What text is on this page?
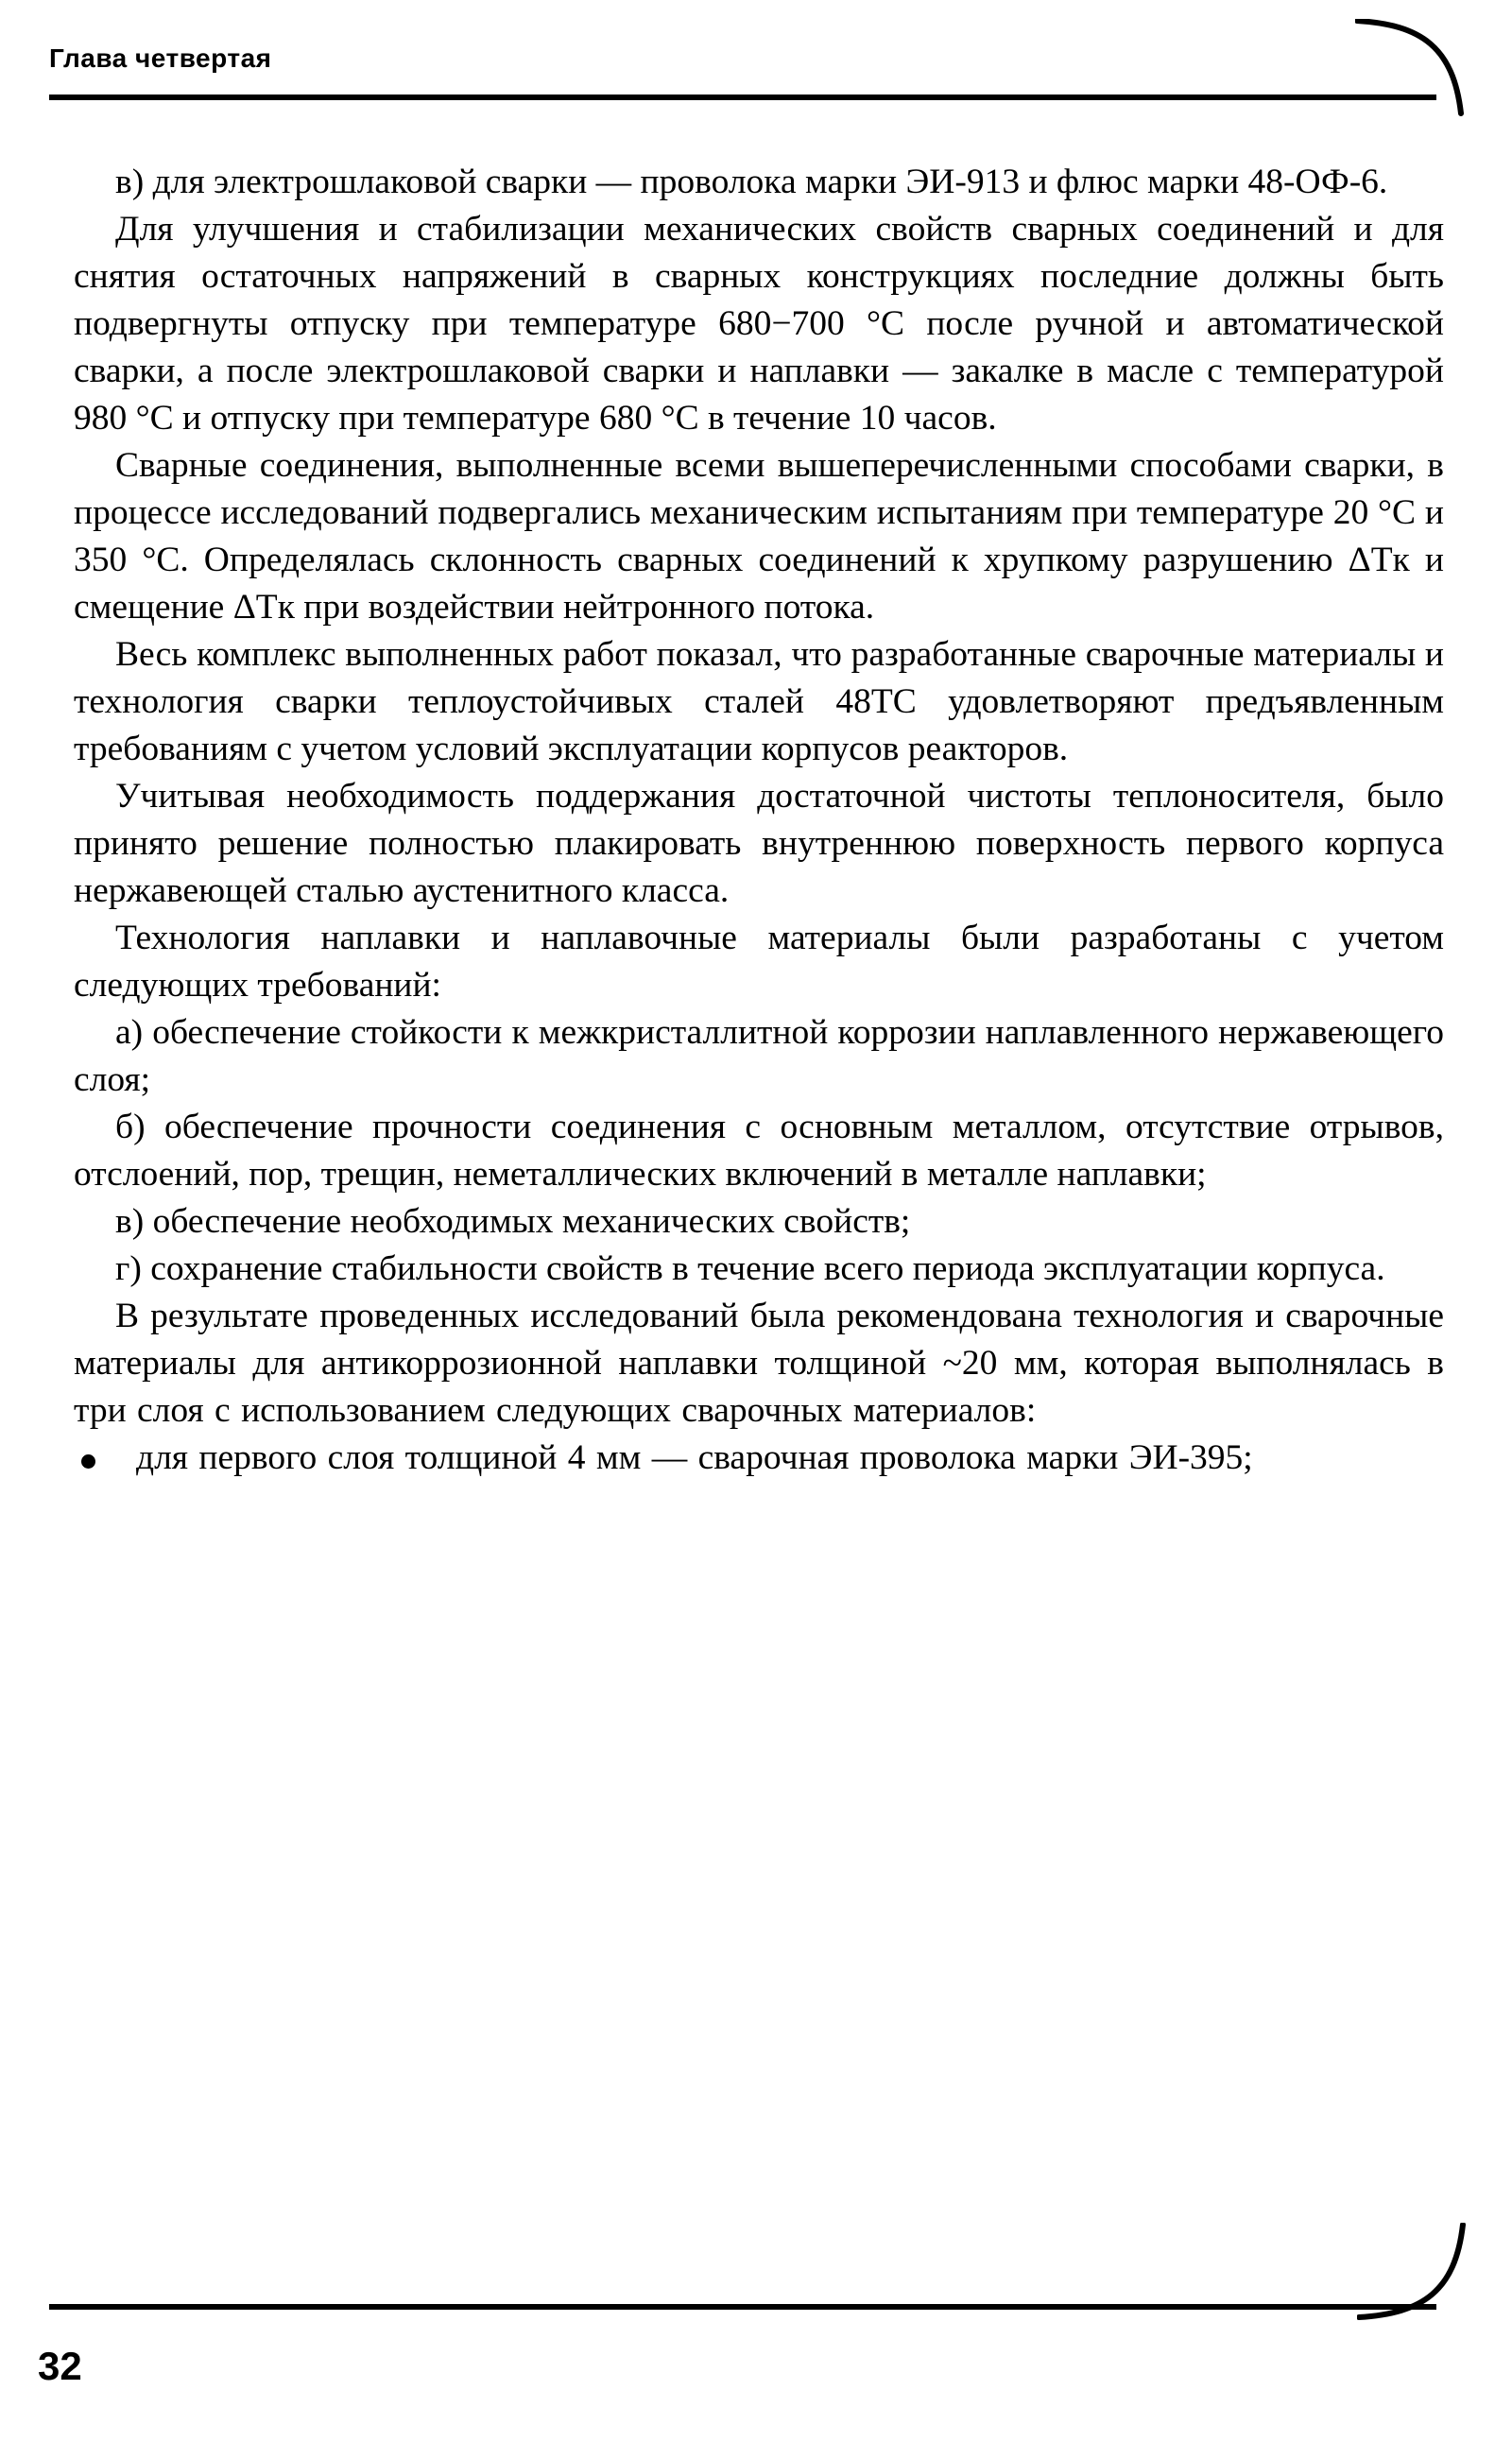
Глава четвертая

в) для электрошлаковой сварки — проволока марки ЭИ-913 и флюс марки 48-ОФ-6.

Для улучшения и стабилизации механических свойств сварных соединений и для снятия остаточных напряжений в сварных конструкциях последние должны быть подвергнуты отпуску при температуре 680−700 °C после ручной и автоматической сварки, а после электрошлаковой сварки и наплавки — закалке в масле с температурой 980 °C и отпуску при температуре 680 °C в течение 10 часов.

Сварные соединения, выполненные всеми вышеперечисленными способами сварки, в процессе исследований подвергались механическим испытаниям при температуре 20 °C и 350 °C. Определялась склонность сварных соединений к хрупкому разрушению ΔTк и смещение ΔTк при воздействии нейтронного потока.

Весь комплекс выполненных работ показал, что разработанные сварочные материалы и технология сварки теплоустойчивых сталей 48ТС удовлетворяют предъявленным требованиям с учетом условий эксплуатации корпусов реакторов.

Учитывая необходимость поддержания достаточной чистоты теплоносителя, было принято решение полностью плакировать внутреннюю поверхность первого корпуса нержавеющей сталью аустенитного класса.

Технология наплавки и наплавочные материалы были разработаны с учетом следующих требований:

а) обеспечение стойкости к межкристаллитной коррозии наплавленного нержавеющего слоя;

б) обеспечение прочности соединения с основным металлом, отсутствие отрывов, отслоений, пор, трещин, неметаллических включений в металле наплавки;

в) обеспечение необходимых механических свойств;

г) сохранение стабильности свойств в течение всего периода эксплуатации корпуса.

В результате проведенных исследований была рекомендована технология и сварочные материалы для антикоррозионной наплавки толщиной ~20 мм, которая выполнялась в три слоя с использованием следующих сварочных материалов:

для первого слоя толщиной 4 мм — сварочная проволока марки ЭИ-395;

32
